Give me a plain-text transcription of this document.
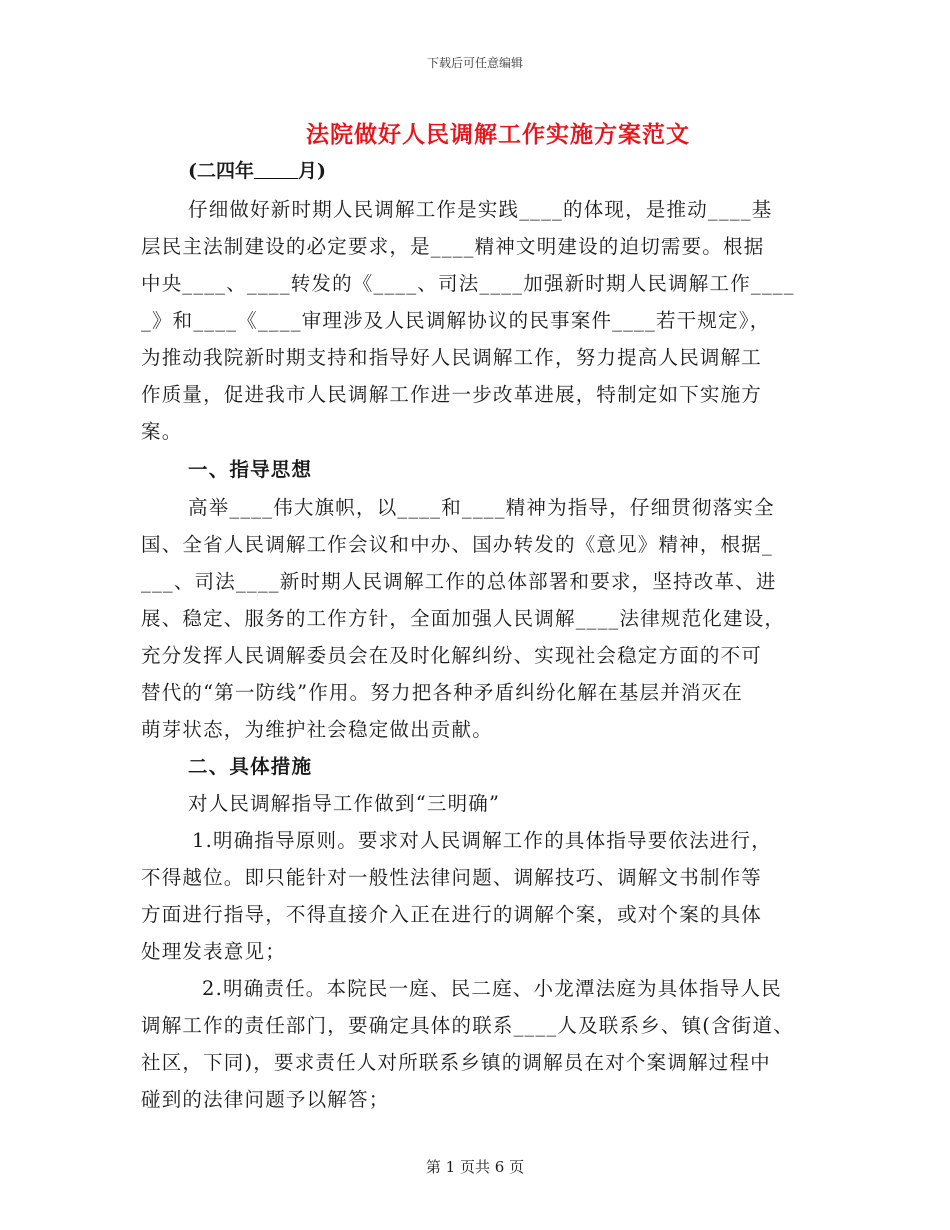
下载后可任意编辑
法院做好人民调解工作实施方案范文
(二四年 月)
仔细做好新时期人民调解工作是实践____的体现，是推动____基
层民主法制建设的必定要求，是____精神文明建设的迫切需要。根据
中央____、____转发的《____、司法____加强新时期人民调解工作____
_》和____《____审理涉及人民调解协议的民事案件____若干规定》，
为推动我院新时期支持和指导好人民调解工作，努力提高人民调解工
作质量，促进我市人民调解工作进一步改革进展，特制定如下实施方
案。
一、指导思想
高举____伟大旗帜，以____和____精神为指导，仔细贯彻落实全
国、全省人民调解工作会议和中办、国办转发的《意见》精神，根据_
___、司法____新时期人民调解工作的总体部署和要求，坚持改革、进
展、稳定、服务的工作方针，全面加强人民调解____法律规范化建设，
充分发挥人民调解委员会在及时化解纠纷、实现社会稳定方面的不可
替代的“第一防线”作用。努力把各种矛盾纠纷化解在基层并消灭在
萌芽状态，为维护社会稳定做出贡献。
二、具体措施
对人民调解指导工作做到“三明确”
1.明确指导原则。要求对人民调解工作的具体指导要依法进行，
不得越位。即只能针对一般性法律问题、调解技巧、调解文书制作等
方面进行指导，不得直接介入正在进行的调解个案，或对个案的具体
处理发表意见；
2.明确责任。本院民一庭、民二庭、小龙潭法庭为具体指导人民
调解工作的责任部门，要确定具体的联系____人及联系乡、镇(含街道、
社区，下同)，要求责任人对所联系乡镇的调解员在对个案调解过程中
碰到的法律问题予以解答；
第 1 页共 6 页
